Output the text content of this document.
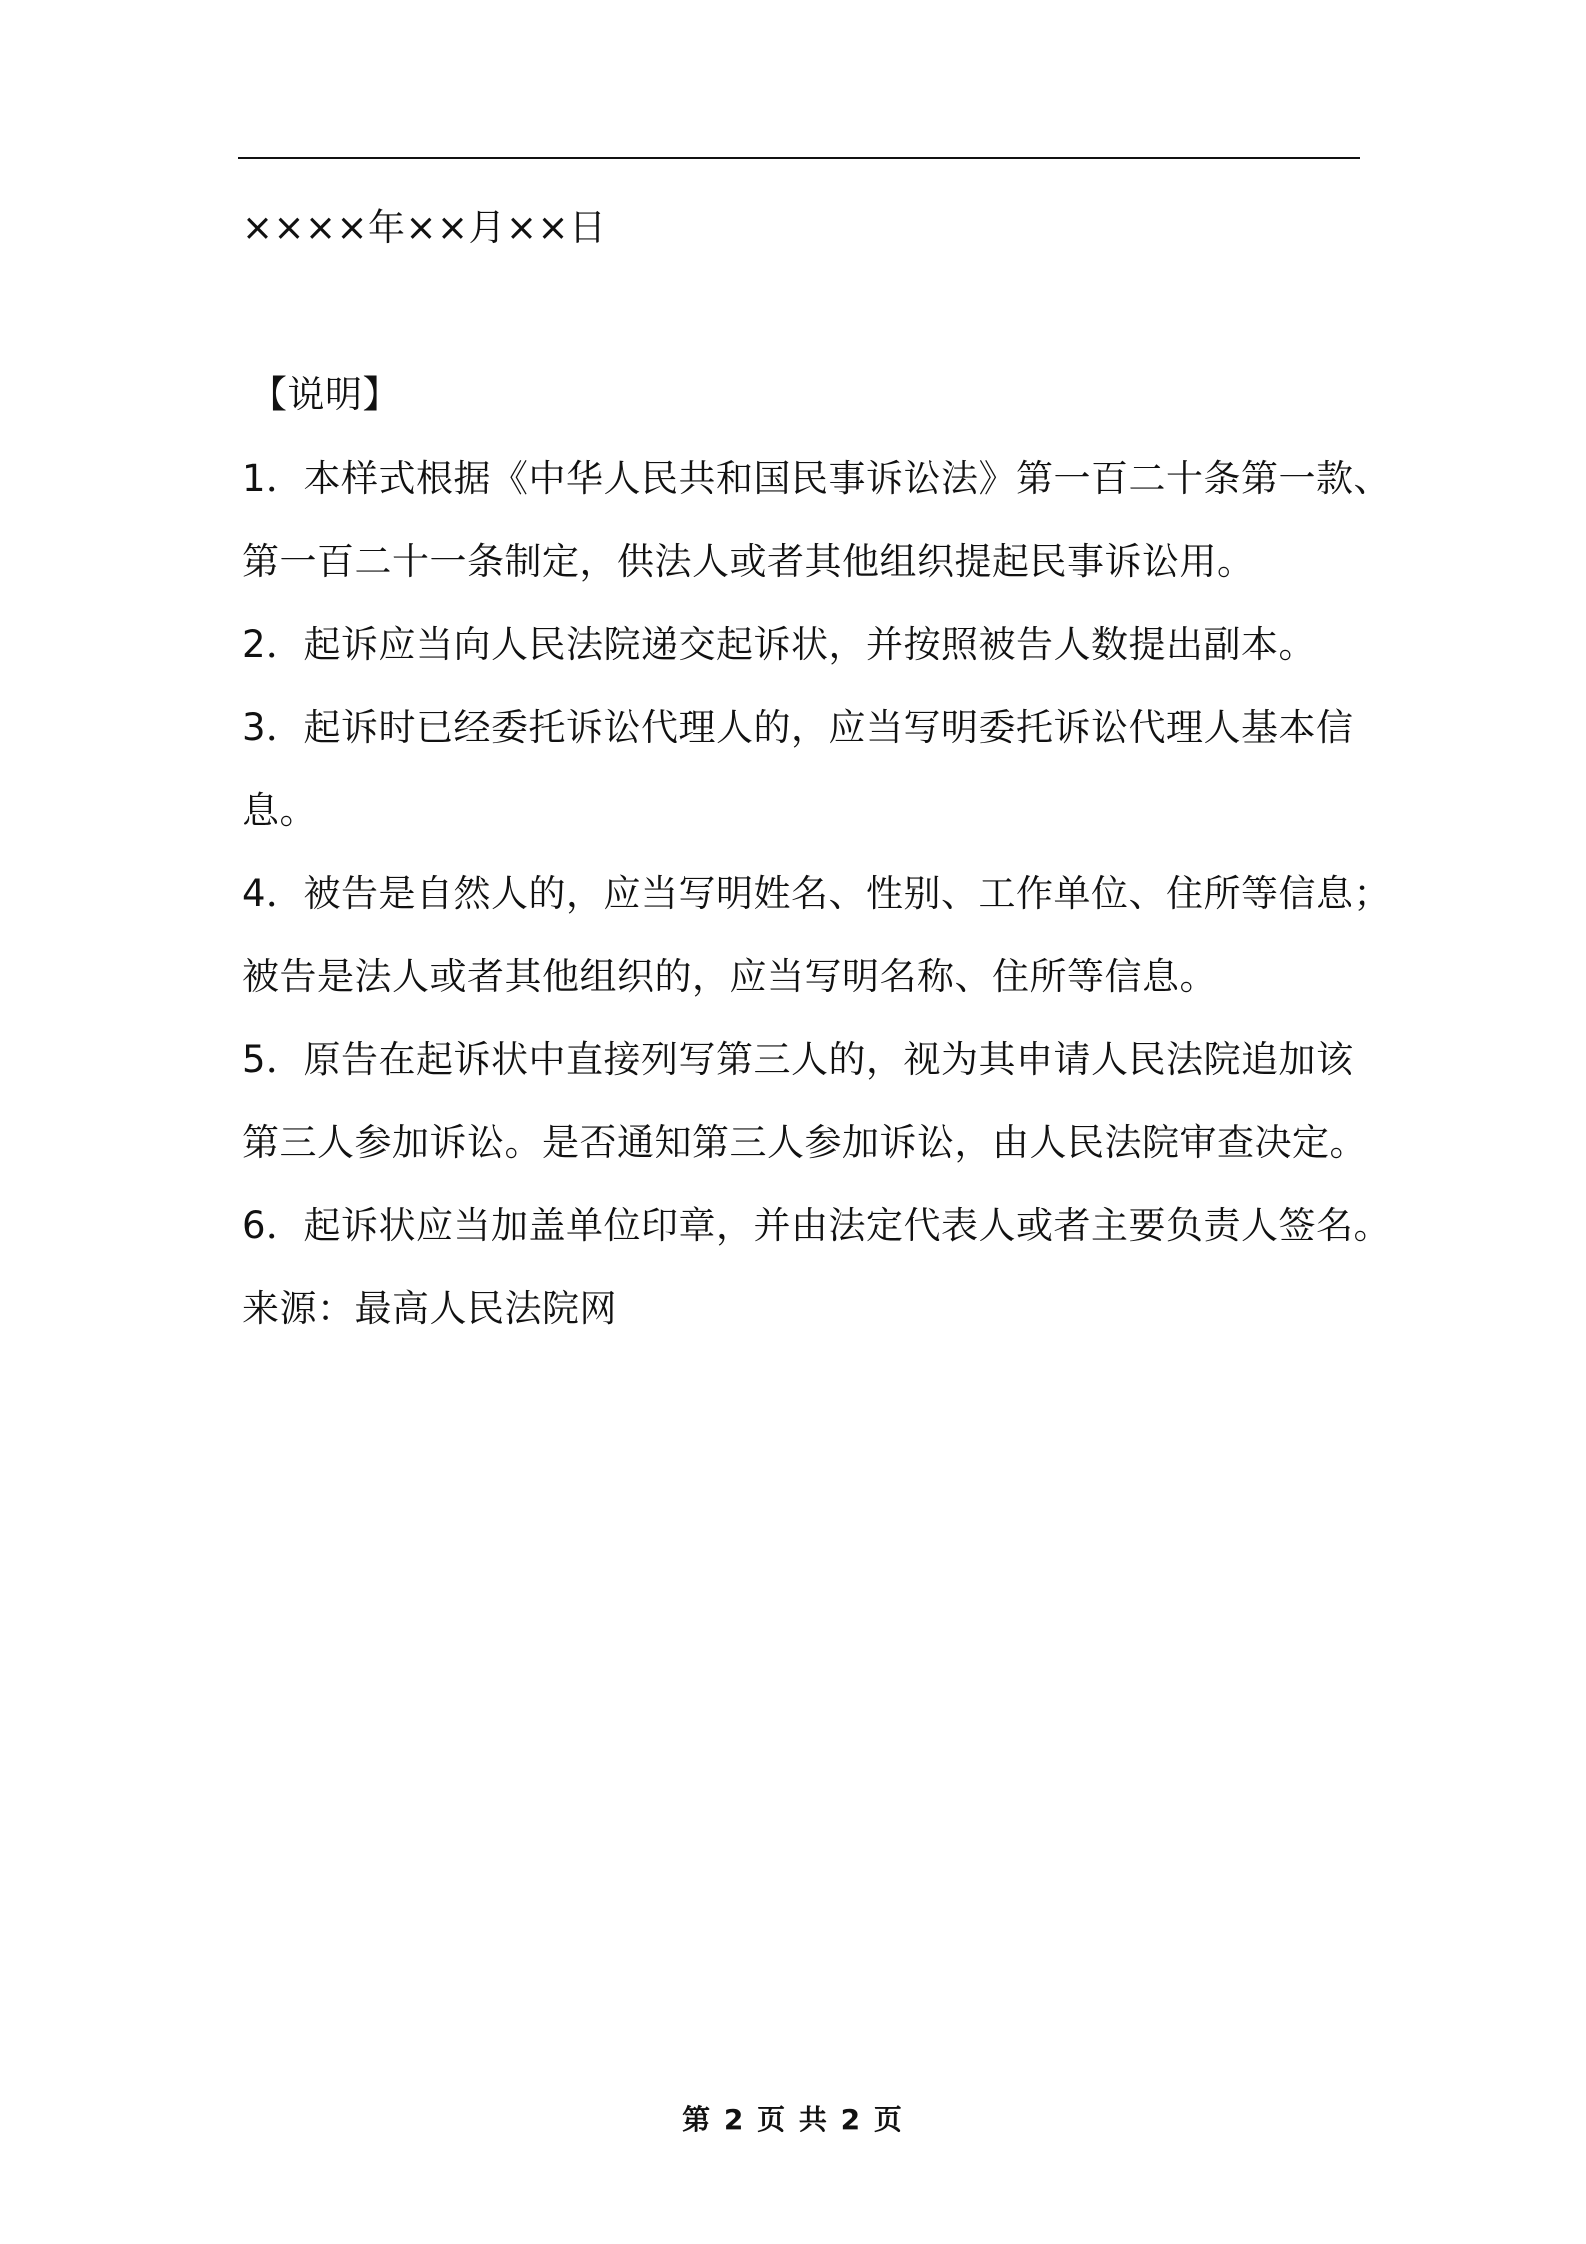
××××年××月××日
【说明】
1．本样式根据《中华人民共和国民事诉讼法》第一百二十条第一款、
第一百二十一条制定，供法人或者其他组织提起民事诉讼用。
2．起诉应当向人民法院递交起诉状，并按照被告人数提出副本。
3．起诉时已经委托诉讼代理人的，应当写明委托诉讼代理人基本信
息。
4．被告是自然人的，应当写明姓名、性别、工作单位、住所等信息；
被告是法人或者其他组织的，应当写明名称、住所等信息。
5．原告在起诉状中直接列写第三人的，视为其申请人民法院追加该
第三人参加诉讼。是否通知第三人参加诉讼，由人民法院审查决定。
6．起诉状应当加盖单位印章，并由法定代表人或者主要负责人签名。
来源：最高人民法院网
第 2 页 共 2 页
